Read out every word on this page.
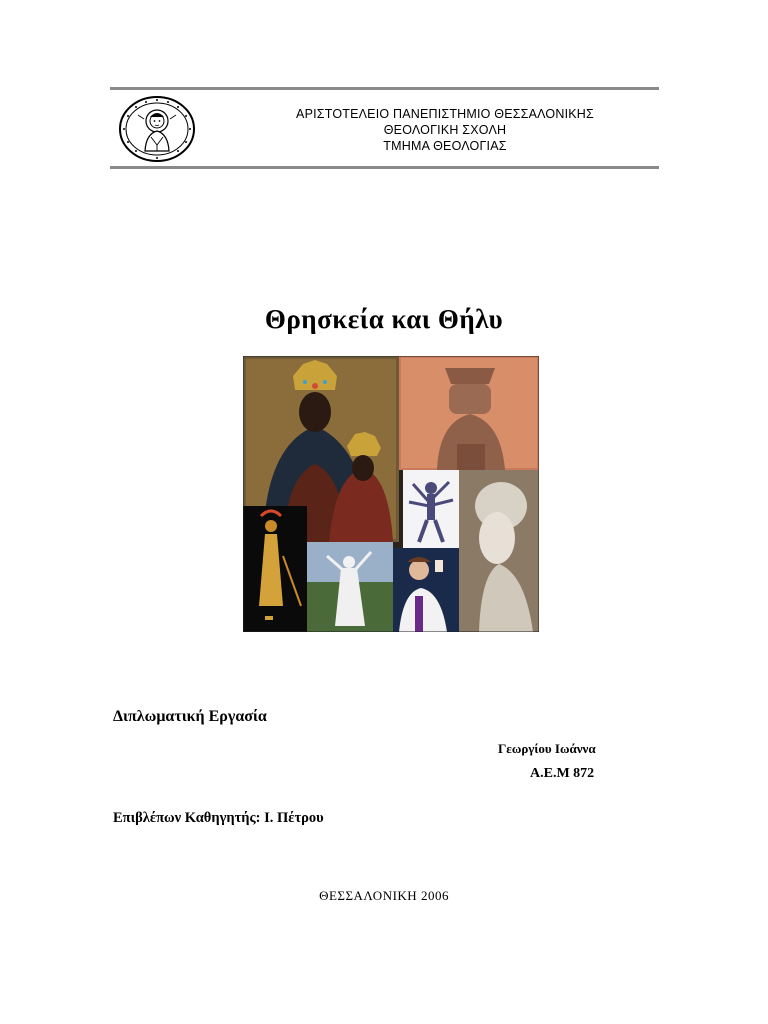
ΑΡΙΣΤΟΤΕΛΕΙΟ ΠΑΝΕΠΙΣΤΗΜΙΟ ΘΕΣΣΑΛΟΝΙΚΗΣ
ΘΕΟΛΟΓΙΚΗ ΣΧΟΛΗ
ΤΜΗΜΑ ΘΕΟΛΟΓΙΑΣ
Θρησκεία και Θήλυ
Διπλωματική Εργασία
Γεωργίου Ιωάννα
Α.Ε.Μ 872
Επιβλέπων Καθηγητής: Ι. Πέτρου
ΘΕΣΣΑΛΟΝΙΚΗ 2006
